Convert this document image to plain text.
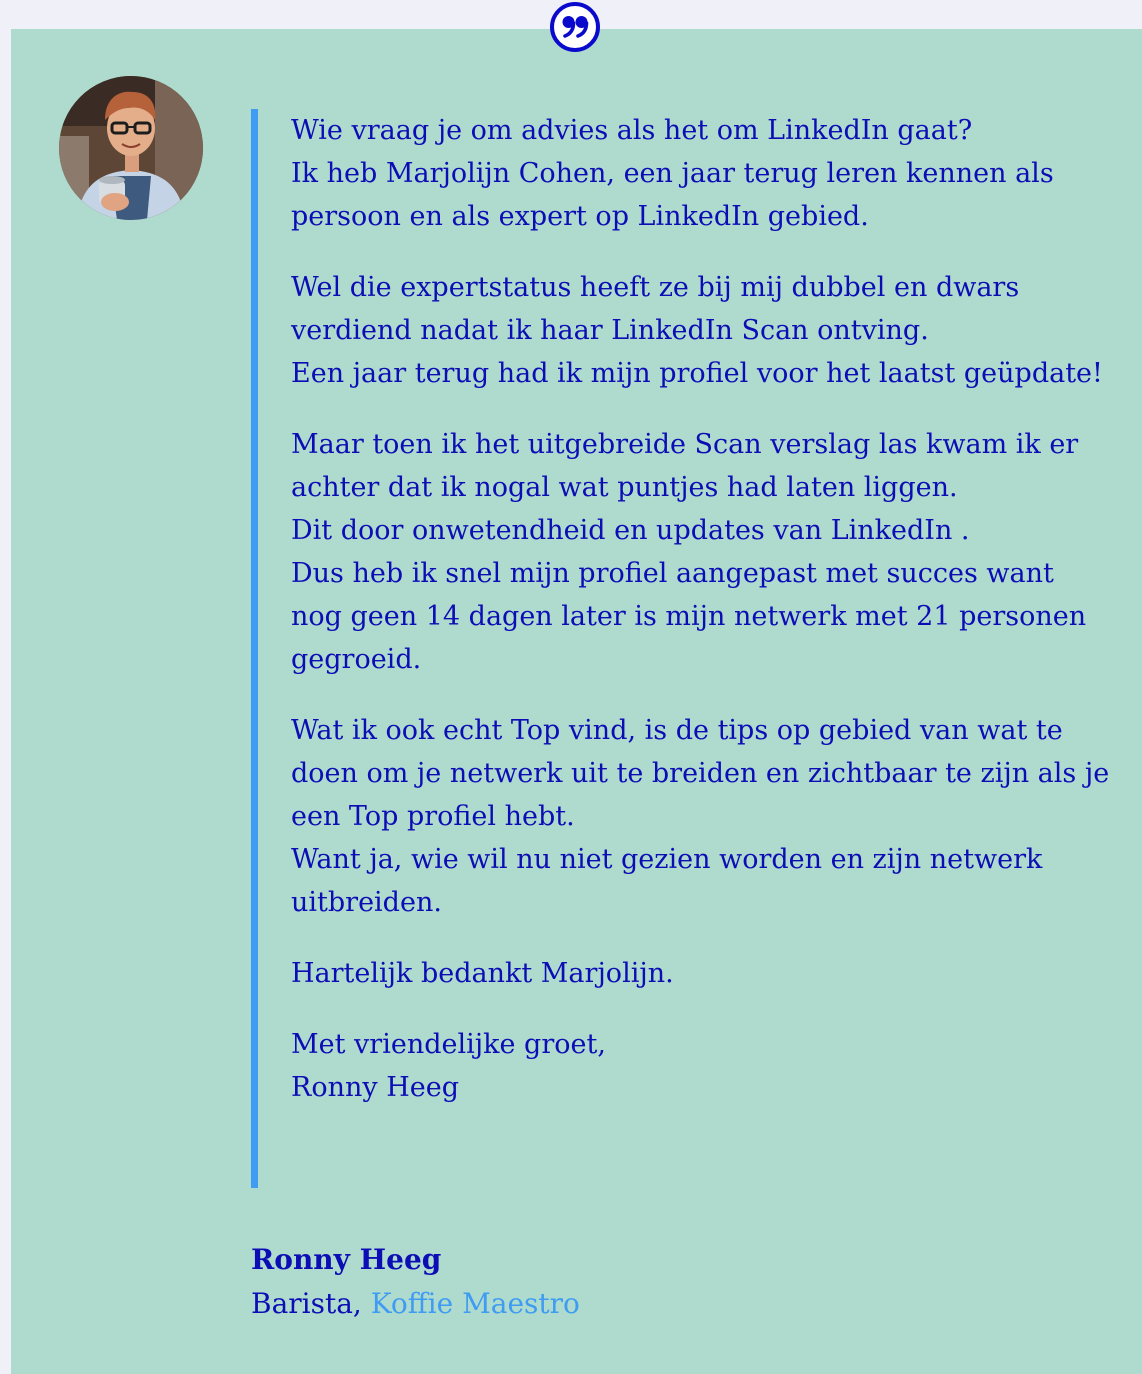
Wie vraag je om advies als het om LinkedIn gaat?
Ik heb Marjolijn Cohen, een jaar terug leren kennen als persoon en als expert op LinkedIn gebied.

Wel die expertstatus heeft ze bij mij dubbel en dwars verdiend nadat ik haar LinkedIn Scan ontving.
Een jaar terug had ik mijn profiel voor het laatst geüpdate!

Maar toen ik het uitgebreide Scan verslag las kwam ik er achter dat ik nogal wat puntjes had laten liggen.
Dit door onwetendheid en updates van LinkedIn .
Dus heb ik snel mijn profiel aangepast met succes want nog geen 14 dagen later is mijn netwerk met 21 personen gegroeid.

Wat ik ook echt Top vind, is de tips op gebied van wat te doen om je netwerk uit te breiden en zichtbaar te zijn als je een Top profiel hebt.
Want ja, wie wil nu niet gezien worden en zijn netwerk uitbreiden.

Hartelijk bedankt Marjolijn.

Met vriendelijke groet,
Ronny Heeg

Ronny Heeg
Barista, Koffie Maestro
